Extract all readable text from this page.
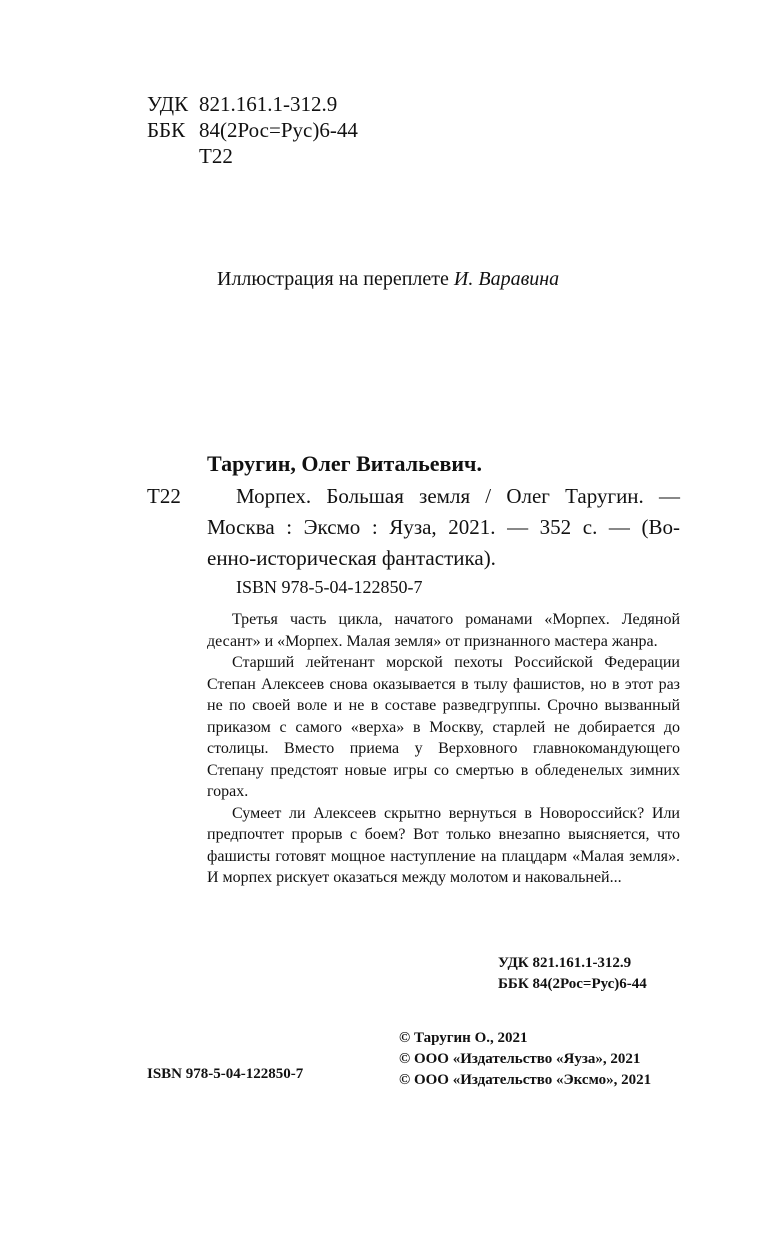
УДК 821.161.1-312.9
ББК 84(2Рос=Рус)6-44
Т22
Иллюстрация на переплете И. Варавина
Таругин, Олег Витальевич.
Т22	Морпех. Большая земля / Олег Таругин. —
Москва : Эксмо : Яуза, 2021. — 352 с. — (Во-
енно-историческая фантастика).
ISBN 978-5-04-122850-7

Третья часть цикла, начатого романами «Морпех. Ледяной десант» и «Морпех. Малая земля» от признанного мастера жанра.

Старший лейтенант морской пехоты Российской Федерации Степан Алексеев снова оказывается в тылу фашистов, но в этот раз не по своей воле и не в составе разведгруппы. Срочно вызванный приказом с самого «верха» в Москву, старлей не добирается до столицы. Вместо приема у Верховного главнокомандующего Степану предстоят новые игры со смертью в обледенелых зимних горах.

Сумеет ли Алексеев скрытно вернуться в Новороссийск? Или предпочтет прорыв с боем? Вот только внезапно выясняется, что фашисты готовят мощное наступление на плацдарм «Малая земля». И морпех рискует оказаться между молотом и наковальней...

УДК 821.161.1-312.9
ББК 84(2Рос=Рус)6-44
© Таругин О., 2021
© ООО «Издательство «Яуза», 2021
© ООО «Издательство «Эксмо», 2021
ISBN 978-5-04-122850-7
